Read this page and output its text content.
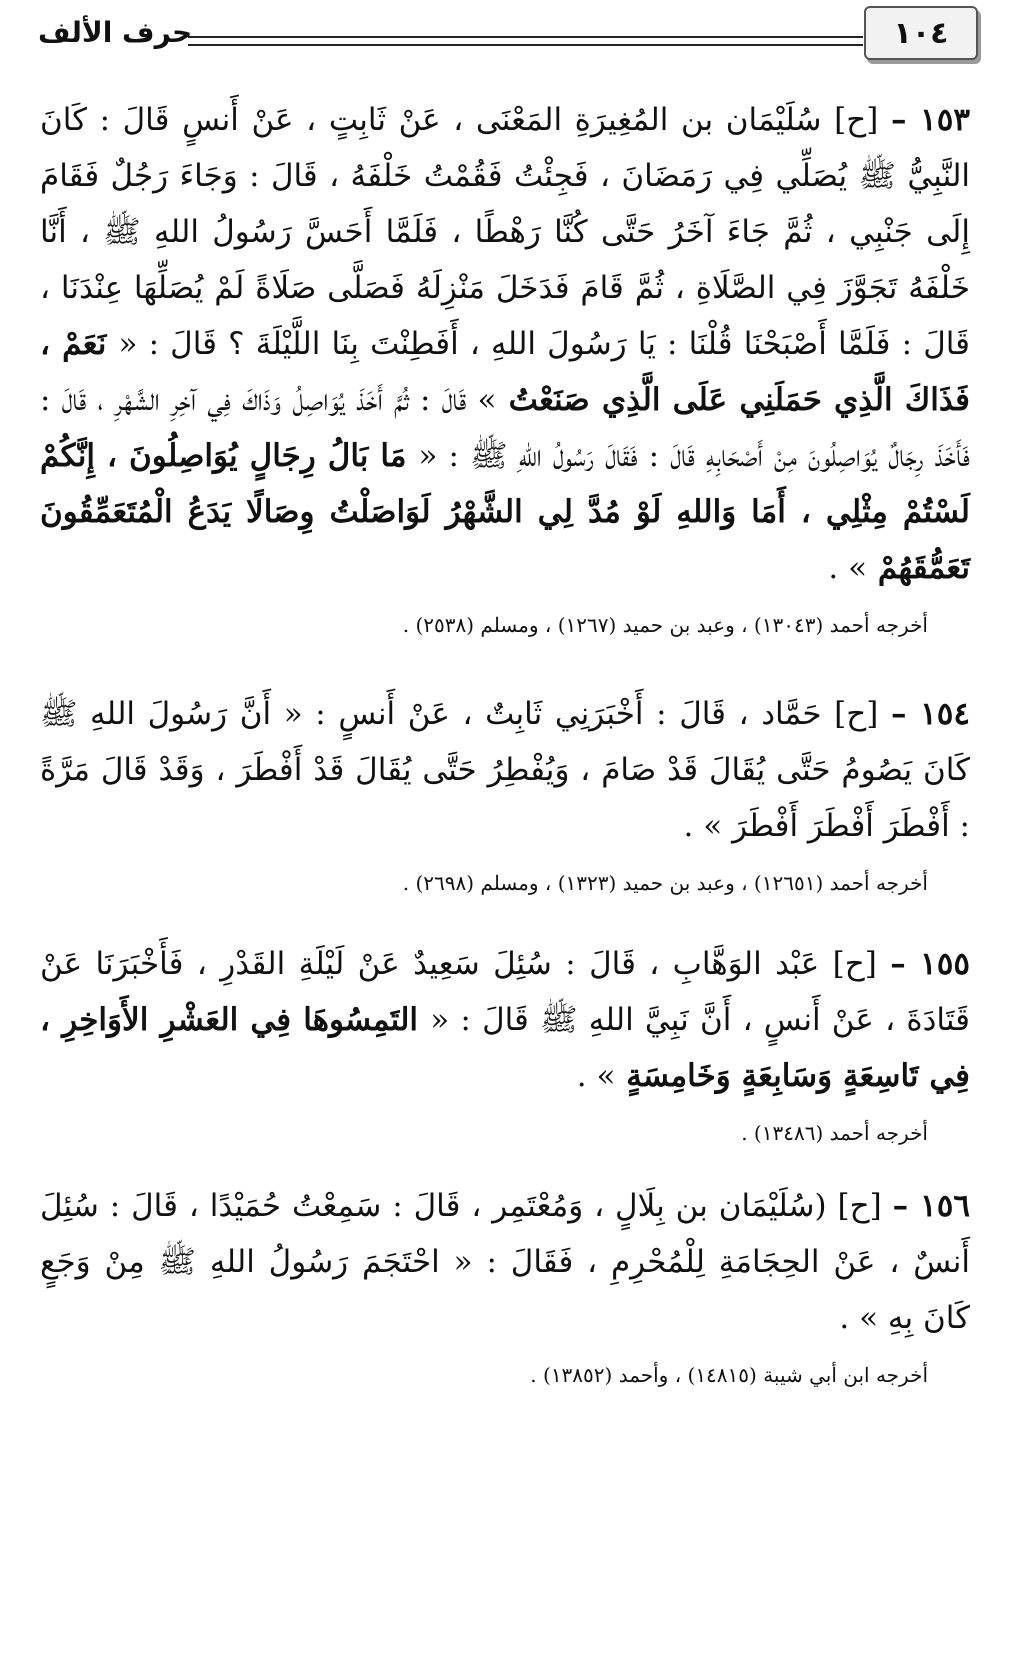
١٠٤
حرف الألف

١٥٣ – [ح] سُلَيْمَان بن المُغِيرَةِ المَعْنَى ، عَنْ ثَابِتٍ ، عَنْ أَنسٍ قَالَ : كَانَ النَّبِيُّ ﷺ يُصَلِّي فِي رَمَضَانَ ، فَجِئْتُ فَقُمْتُ خَلْفَهُ ، قَالَ : وَجَاءَ رَجُلٌ فَقَامَ إِلَى جَنْبِي ، ثُمَّ جَاءَ آخَرُ حَتَّى كُنَّا رَهْطًا ، فَلَمَّا أَحَسَّ رَسُولُ اللهِ ﷺ ، أَنَّا خَلْفَهُ تَجَوَّزَ فِي الصَّلَاةِ ، ثُمَّ قَامَ فَدَخَلَ مَنْزِلَهُ فَصَلَّى صَلَاةً لَمْ يُصَلِّهَا عِنْدَنَا ، قَالَ : فَلَمَّا أَصْبَحْنَا قُلْنَا : يَا رَسُولَ اللهِ ، أَفَطِنْتَ بِنَا اللَّيْلَةَ ؟ قَالَ : « نَعَمْ ، فَذَاكَ الَّذِي حَمَلَنِي عَلَى الَّذِي صَنَعْتُ » قَالَ : ثُمَّ أَخَذَ يُوَاصِلُ وَذَاكَ فِي آخِرِ الشَّهْرِ ، قَالَ : فَأَخَذَ رِجَالٌ يُوَاصِلُونَ مِنْ أَصْحَابِهِ قَالَ : فَقَالَ رَسُولُ اللهِ ﷺ : « مَا بَالُ رِجَالٍ يُوَاصِلُونَ ، إِنَّكُمْ لَسْتُمْ مِثْلِي ، أَمَا وَاللهِ لَوْ مُدَّ لِي الشَّهْرُ لَوَاصَلْتُ وِصَالًا يَدَعُ الْمُتَعَمِّقُونَ تَعَمُّقَهُمْ » .

أخرجه أحمد (١٣٠٤٣) ، وعبد بن حميد (١٢٦٧) ، ومسلم (٢٥٣٨) .

١٥٤ – [ح] حَمَّاد ، قَالَ : أَخْبَرَنِي ثَابِتٌ ، عَنْ أَنسٍ : « أَنَّ رَسُولَ اللهِ ﷺ كَانَ يَصُومُ حَتَّى يُقَالَ قَدْ صَامَ ، وَيُفْطِرُ حَتَّى يُقَالَ قَدْ أَفْطَرَ ، وَقَدْ قَالَ مَرَّةً : أَفْطَرَ أَفْطَرَ أَفْطَرَ » .

أخرجه أحمد (١٢٦٥١) ، وعبد بن حميد (١٣٢٣) ، ومسلم (٢٦٩٨) .

١٥٥ – [ح] عَبْد الوَهَّابِ ، قَالَ : سُئِلَ سَعِيدٌ عَنْ لَيْلَةِ القَدْرِ ، فَأَخْبَرَنَا عَنْ قَتَادَةَ ، عَنْ أَنسٍ ، أَنَّ نَبِيَّ اللهِ ﷺ قَالَ : « التَمِسُوهَا فِي العَشْرِ الأَوَاخِرِ ، فِي تَاسِعَةٍ وَسَابِعَةٍ وَخَامِسَةٍ » .

أخرجه أحمد (١٣٤٨٦) .

١٥٦ – [ح] (سُلَيْمَان بن بِلَالٍ ، وَمُعْتَمِر ، قَالَ : سَمِعْتُ حُمَيْدًا ، قَالَ : سُئِلَ أَنسٌ ، عَنْ الحِجَامَةِ لِلْمُحْرِمِ ، فَقَالَ : « احْتَجَمَ رَسُولُ اللهِ ﷺ مِنْ وَجَعٍ كَانَ بِهِ » .

أخرجه ابن أبي شيبة (١٤٨١٥) ، وأحمد (١٣٨٥٢) .
